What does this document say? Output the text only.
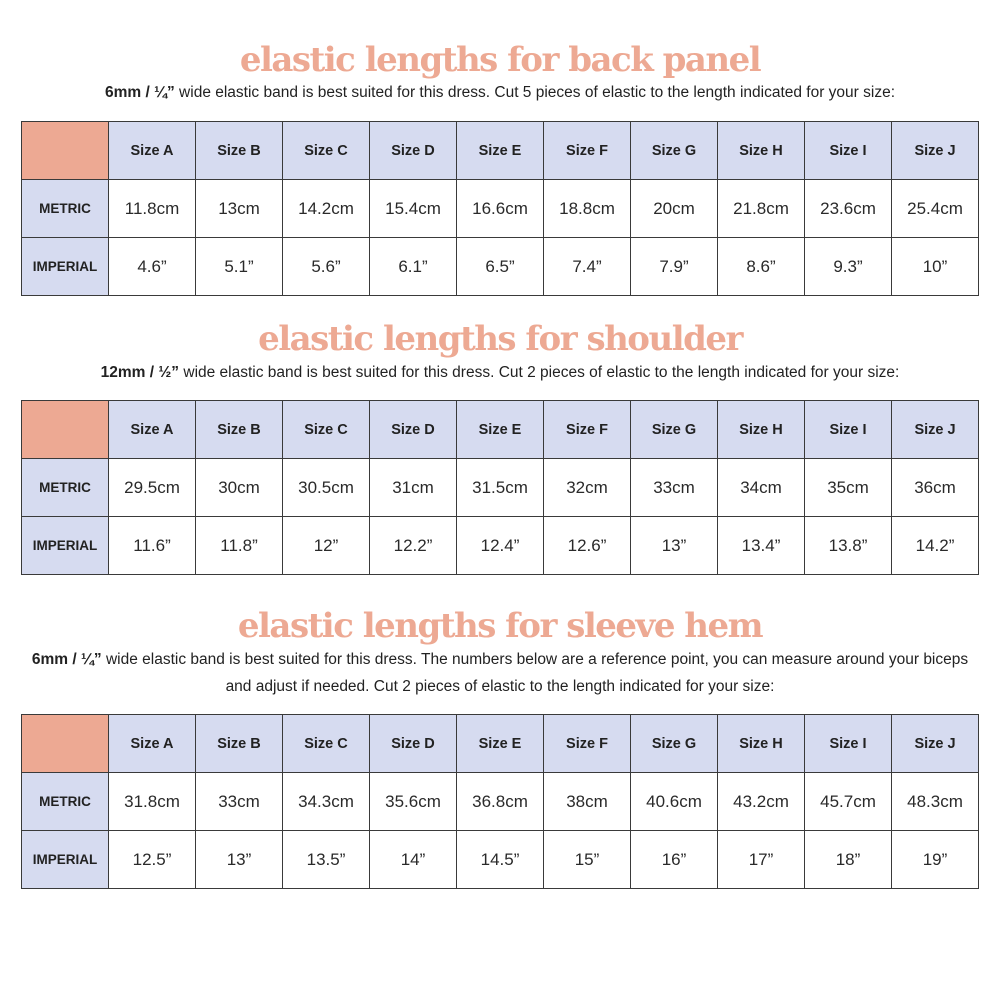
elastic lengths for back panel

6mm / ¼” wide elastic band is best suited for this dress. Cut 5 pieces of elastic to the length indicated for your size:

	Size A	Size B	Size C	Size D	Size E	Size F	Size G	Size H	Size I	Size J
METRIC	11.8cm	13cm	14.2cm	15.4cm	16.6cm	18.8cm	20cm	21.8cm	23.6cm	25.4cm
IMPERIAL	4.6”	5.1”	5.6”	6.1”	6.5”	7.4”	7.9”	8.6”	9.3”	10”
elastic lengths for shoulder

12mm / ½” wide elastic band is best suited for this dress. Cut 2 pieces of elastic to the length indicated for your size:

	Size A	Size B	Size C	Size D	Size E	Size F	Size G	Size H	Size I	Size J
METRIC	29.5cm	30cm	30.5cm	31cm	31.5cm	32cm	33cm	34cm	35cm	36cm
IMPERIAL	11.6”	11.8”	12”	12.2”	12.4”	12.6”	13”	13.4”	13.8”	14.2”
elastic lengths for sleeve hem

6mm / ¼” wide elastic band is best suited for this dress. The numbers below are a reference point, you can measure around your biceps and adjust if needed. Cut 2 pieces of elastic to the length indicated for your size:

	Size A	Size B	Size C	Size D	Size E	Size F	Size G	Size H	Size I	Size J
METRIC	31.8cm	33cm	34.3cm	35.6cm	36.8cm	38cm	40.6cm	43.2cm	45.7cm	48.3cm
IMPERIAL	12.5”	13”	13.5”	14”	14.5”	15”	16”	17”	18”	19”
